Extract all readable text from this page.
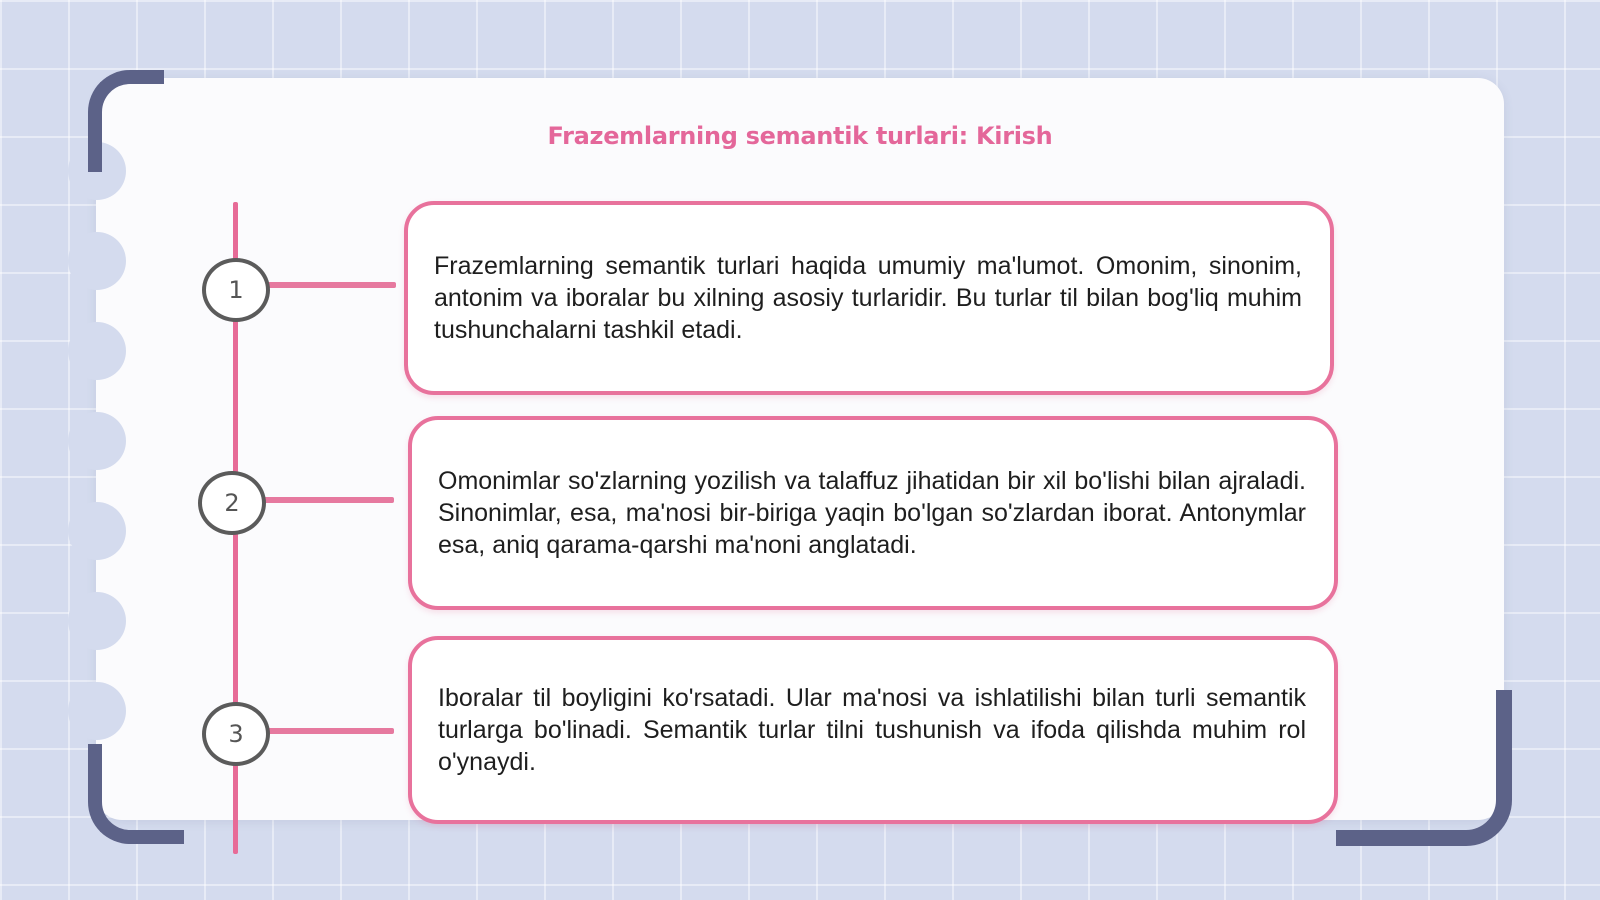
Frazemlarning semantik turlari: Kirish
1
2
3
Frazemlarning semantik turlari haqida umumiy ma'lumot. Omonim, sinonim, antonim va iboralar bu xilning asosiy turlaridir. Bu turlar til bilan bog'liq muhim tushunchalarni tashkil etadi.
Omonimlar so'zlarning yozilish va talaffuz jihatidan bir xil bo'lishi bilan ajraladi. Sinonimlar, esa, ma'nosi bir-biriga yaqin bo'lgan so'zlardan iborat. Antonymlar esa, aniq qarama-qarshi ma'noni anglatadi.
Iboralar til boyligini ko'rsatadi. Ular ma'nosi va ishlatilishi bilan turli semantik turlarga bo'linadi. Semantik turlar tilni tushunish va ifoda qilishda muhim rol o'ynaydi.
